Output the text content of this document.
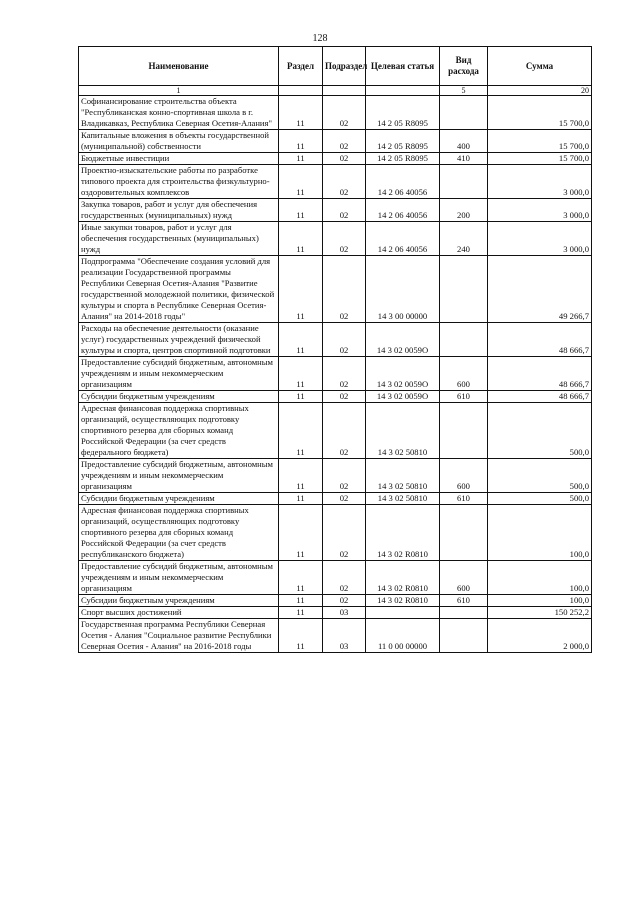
128
Наименование	Раздел	Подраздел	Целевая статья	Вид расхода	Сумма
1				5	20
Софинансирование строительства объекта "Республиканская конно-спортивная школа в г. Владикавказ, Республика Северная Осетия-Алания"	11	02	14 2 05 R8095		15 700,0
Капитальные вложения в объекты государственной (муниципальной) собственности	11	02	14 2 05 R8095	400	15 700,0
Бюджетные инвестиции	11	02	14 2 05 R8095	410	15 700,0
Проектно-изыскательские работы по разработке типового проекта для строительства физкультурно-оздоровительных комплексов	11	02	14 2 06 40056		3 000,0
Закупка товаров, работ и услуг для обеспечения государственных (муниципальных) нужд	11	02	14 2 06 40056	200	3 000,0
Иные закупки товаров, работ и услуг для обеспечения государственных (муниципальных) нужд	11	02	14 2 06 40056	240	3 000,0
Подпрограмма "Обеспечение создания условий для реализации Государственной программы Республики Северная Осетия-Алания "Развитие государственной молодежной политики, физической культуры и спорта в Республике Северная Осетия-Алания" на 2014-2018 годы"	11	02	14 3 00 00000		49 266,7
Расходы на обеспечение деятельности (оказание услуг) государственных учреждений физической культуры и спорта, центров спортивной подготовки	11	02	14 3 02 0059О		48 666,7
Предоставление субсидий бюджетным, автономным учреждениям и иным некоммерческим организациям	11	02	14 3 02 0059О	600	48 666,7
Субсидии бюджетным учреждениям	11	02	14 3 02 0059О	610	48 666,7
Адресная финансовая поддержка спортивных организаций, осуществляющих подготовку спортивного резерва для сборных команд Российской Федерации (за счет средств федерального бюджета)	11	02	14 3 02 50810		500,0
Предоставление субсидий бюджетным, автономным учреждениям и иным некоммерческим организациям	11	02	14 3 02 50810	600	500,0
Субсидии бюджетным учреждениям	11	02	14 3 02 50810	610	500,0
Адресная финансовая поддержка спортивных организаций, осуществляющих подготовку спортивного резерва для сборных команд Российской Федерации (за счет средств республиканского бюджета)	11	02	14 3 02 R0810		100,0
Предоставление субсидий бюджетным, автономным учреждениям и иным некоммерческим организациям	11	02	14 3 02 R0810	600	100,0
Субсидии бюджетным учреждениям	11	02	14 3 02 R0810	610	100,0
Спорт высших достижений	11	03			150 252,2
Государственная программа Республики Северная Осетия - Алания "Социальное развитие Республики Северная Осетия - Алания" на 2016-2018 годы	11	03	11 0 00 00000		2 000,0
